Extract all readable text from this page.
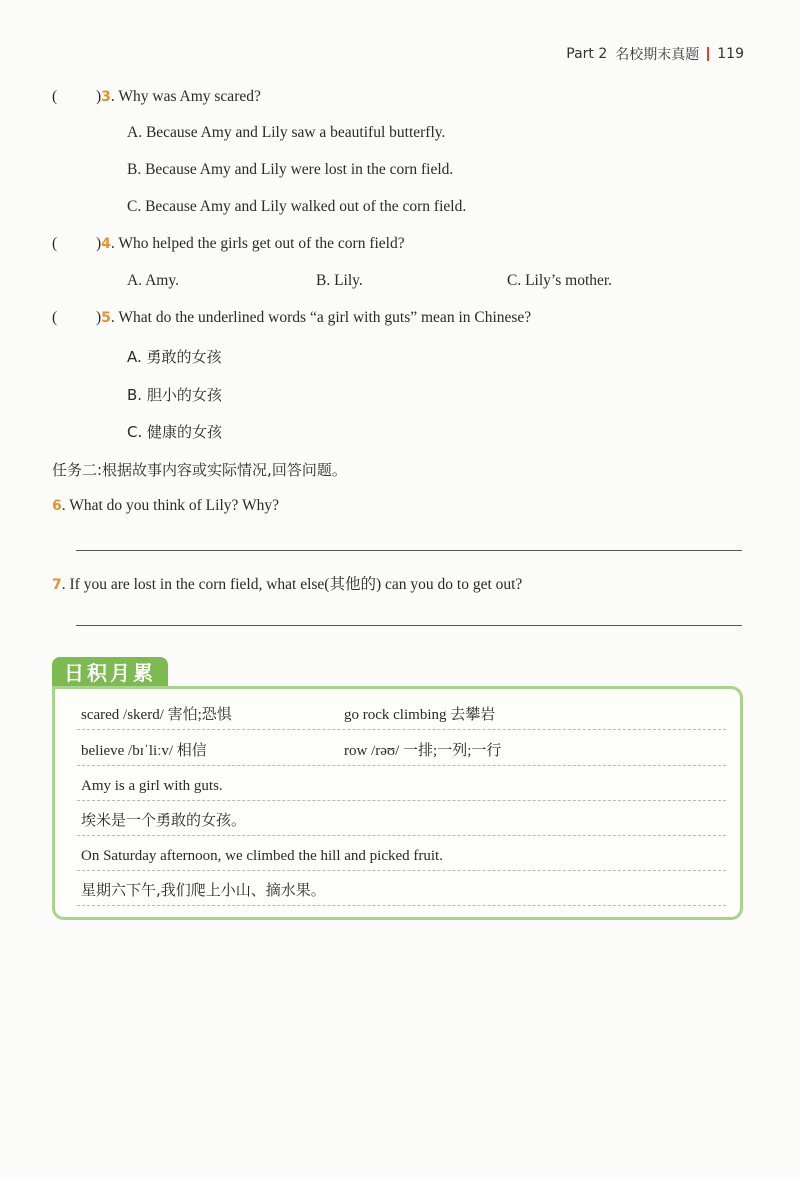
Part 2 名校期末真题 119
(	)3. Why was Amy scared?
A. Because Amy and Lily saw a beautiful butterfly.
B. Because Amy and Lily were lost in the corn field.
C. Because Amy and Lily walked out of the corn field.
(	)4. Who helped the girls get out of the corn field?
A. Amy.	B. Lily.	C. Lily’s mother.
(	)5. What do the underlined words “a girl with guts” mean in Chinese?
A. 勇敢的女孩
B. 胆小的女孩
C. 健康的女孩
任务二:根据故事内容或实际情况,回答问题。
6. What do you think of Lily? Why?
7. If you are lost in the corn field, what else(其他的) can you do to get out?
日积月累
scared /skerd/ 害怕;恐惧	go rock climbing 去攀岩
believe /bɪˈliːv/ 相信	row /rəʊ/ 一排;一列;一行
Amy is a girl with guts.
埃米是一个勇敢的女孩。
On Saturday afternoon, we climbed the hill and picked fruit.
星期六下午,我们爬上小山、摘水果。
